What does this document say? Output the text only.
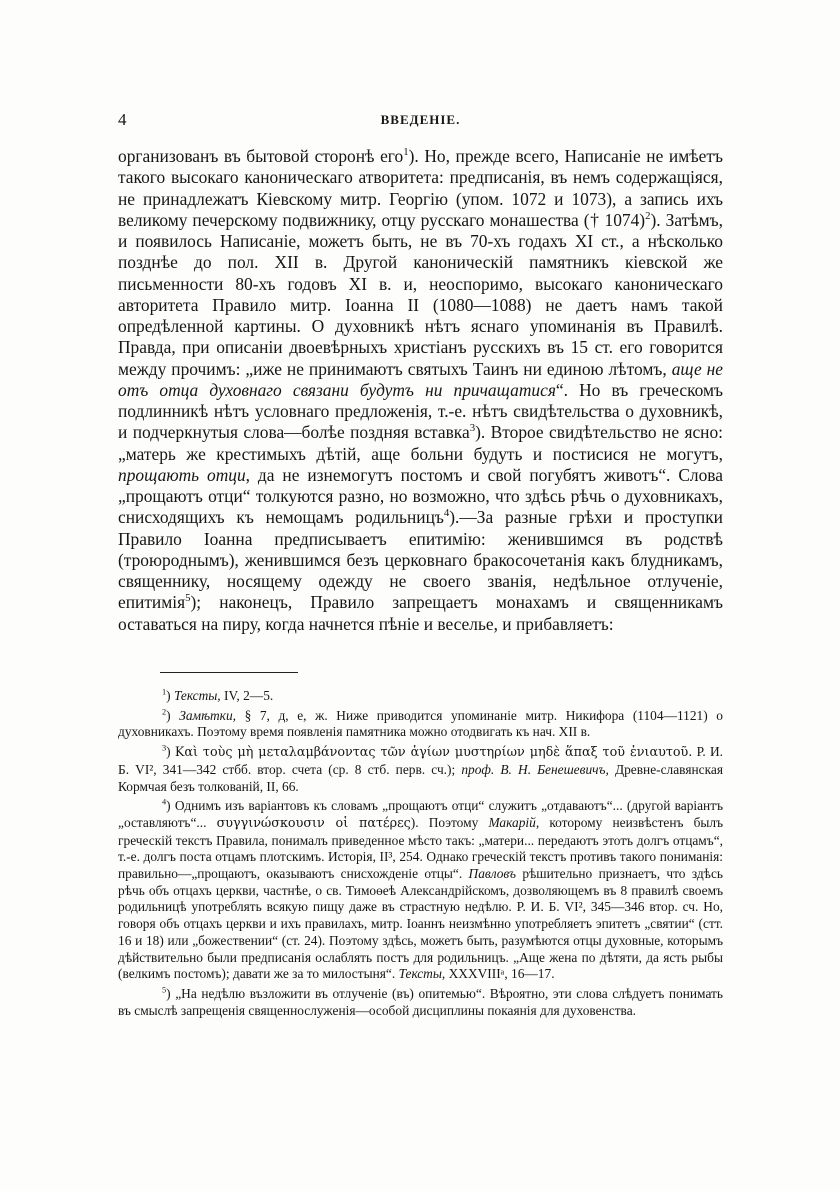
4	ВВЕДЕНІЕ.

организованъ въ бытовой сторонѣ его$^1$). Но, прежде всего, Написаніе не имѣетъ такого высокаго каноническаго атворитета: предписанія, въ немъ содержащіяся, не принадлежатъ Кіевскому митр. Георгію (упом. 1072 и 1073), а запись ихъ великому печерскому подвижнику, отцу русскаго монашества († 1074)$^2$). Затѣмъ, и появилось Написаніе, можетъ быть, не въ 70-хъ годахъ XI ст., а нѣсколько позднѣе до пол. XII в. Другой каноническій памятникъ кіевской же письменности 80-хъ годовъ XI в. и, неоспоримо, высокаго каноническаго авторитета Правило митр. Іоанна II (1080—1088) не даетъ намъ такой опредѣленной картины. О духовникѣ нѣтъ яснаго упоминанія въ Правилѣ. Правда, при описаніи двоевѣрныхъ христіанъ русскихъ въ 15 ст. его говорится между прочимъ: „иже не принимаютъ святыхъ Таинъ ни единою лѣтомъ, аще не отъ отца духовнаго связани будутъ ни причащатися“. Но въ греческомъ подлинникѣ нѣтъ условнаго предложенія, т.-е. нѣтъ свидѣтельства о духовникѣ, и подчеркнутыя слова—болѣе поздняя вставка$^3$). Второе свидѣтельство не ясно: „матерь же крестимыхъ дѣтій, аще больни будуть и постисися не могутъ, прощають отци, да не изнемогутъ постомъ и свой погубятъ животъ“. Слова „прощаютъ отци“ толкуются разно, но возможно, что здѣсь рѣчь о духовникахъ, снисходящихъ къ немощамъ родильницъ$^4$).—За разные грѣхи и проступки Правило Іоанна предписываетъ епитимію: женившимся въ родствѣ (троюроднымъ), женившимся безъ церковнаго бракосочетанія какъ блудникамъ, священнику, носящему одежду не своего званія, недѣльное отлученіе, епитимія$^5$); наконецъ, Правило запрещаетъ монахамъ и священникамъ оставаться на пиру, когда начнется пѣніе и веселье, и прибавляетъ:

$^1$) Тексты, IV, 2—5.

$^2$) Замѣтки, § 7, д, е, ж. Ниже приводится упоминаніе митр. Никифора (1104—1121) о духовникахъ. Поэтому время появленія памятника можно отодвигать къ нач. XII в.

$^3$) Καὶ τοὺς μὴ μεταλαμβάνοντας τῶν ἁγίων μυστηρίων μηδὲ ἅπαξ τοῦ ἐνιαυτοῦ. Р. И. Б. VI², 341—342 стбб. втор. счета (ср. 8 стб. перв. сч.); проф. В. Н. Бенешевичъ, Древне-славянская Кормчая безъ толкованій, II, 66.

$^4$) Однимъ изъ варіантовъ къ словамъ „прощаютъ отци“ служитъ „отдаваютъ“... (другой варіантъ „оставляютъ“... συγγινώσκουσιν οἱ πατέρες). Поэтому Макарій, которому неизвѣстенъ былъ греческій текстъ Правила, понималъ приведенное мѣсто такъ: „матери... передаютъ этотъ долгъ отцамъ“, т.-е. долгъ поста отцамъ плотскимъ. Исторія, II³, 254. Однако греческій текстъ противъ такого пониманія: правильно—„прощаютъ, оказываютъ снисхожденіе отцы“. Павловъ рѣшительно признаетъ, что здѣсь рѣчь объ отцахъ церкви, частнѣе, о св. Тимоѳеѣ Александрійскомъ, дозволяющемъ въ 8 правилѣ своемъ родильницѣ употреблять всякую пищу даже въ страстную недѣлю. Р. И. Б. VI², 345—346 втор. сч. Но, говоря объ отцахъ церкви и ихъ правилахъ, митр. Іоаннъ неизмѣнно употребляетъ эпитетъ „святии“ (стт. 16 и 18) или „божествении“ (ст. 24). Поэтому здѣсь, можетъ быть, разумѣются отцы духовные, которымъ дѣйствительно были предписанія ослаблять постъ для родильницъ. „Аще жена по дѣтяти, да ясть рыбы (велкимъ постомъ); давати же за то милостыня“. Тексты, XXXVIIIᵃ, 16—17.

$^5$) „На недѣлю възложити въ отлученіе (въ) опитемью“. Вѣроятно, эти слова слѣдуетъ понимать въ смыслѣ запрещенія священнослуженія—особой дисциплины покаянія для духовенства.
